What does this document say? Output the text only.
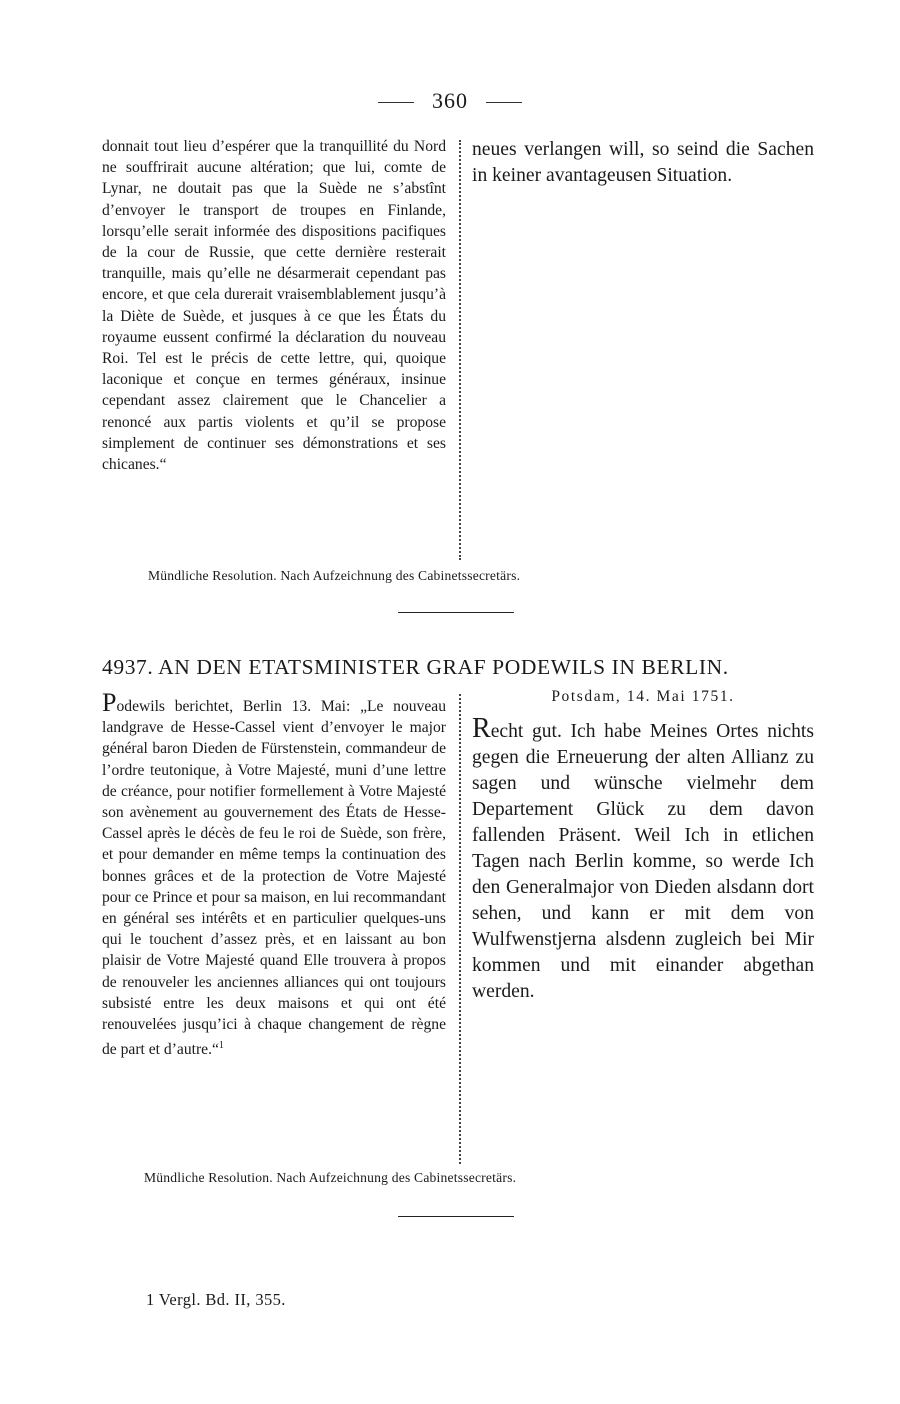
360

donnait tout lieu d’espérer que la tranquillité du Nord ne souffrirait aucune altération; que lui, comte de Lynar, ne doutait pas que la Suède ne s’abstînt d’envoyer le transport de troupes en Finlande, lorsqu’elle serait informée des dispositions pacifiques de la cour de Russie, que cette dernière resterait tranquille, mais qu’elle ne désarmerait cependant pas encore, et que cela durerait vraisemblablement jusqu’à la Diète de Suède, et jusques à ce que les États du royaume eussent confirmé la déclaration du nouveau Roi. Tel est le précis de cette lettre, qui, quoique laconique et conçue en termes généraux, insinue cependant assez clairement que le Chancelier a renoncé aux partis violents et qu’il se propose simplement de continuer ses démonstrations et ses chicanes.“

neues verlangen will, so seind die Sachen in keiner avantageusen Situation.

Mündliche Resolution. Nach Aufzeichnung des Cabinetssecretärs.
4937. AN DEN ETATSMINISTER GRAF PODEWILS IN BERLIN.

Podewils berichtet, Berlin 13. Mai: „Le nouveau landgrave de Hesse-Cassel vient d’envoyer le major général baron Dieden de Fürstenstein, commandeur de l’ordre teutonique, à Votre Majesté, muni d’une lettre de créance, pour notifier formellement à Votre Majesté son avènement au gouvernement des États de Hesse-Cassel après le décès de feu le roi de Suède, son frère, et pour demander en même temps la continuation des bonnes grâces et de la protection de Votre Majesté pour ce Prince et pour sa maison, en lui recommandant en général ses intérêts et en particulier quelques-uns qui le touchent d’assez près, et en laissant au bon plaisir de Votre Majesté quand Elle trouvera à propos de renouveler les anciennes alliances qui ont toujours subsisté entre les deux maisons et qui ont été renouvelées jusqu’ici à chaque changement de règne de part et d’autre.“$^1$

Potsdam, 14. Mai 1751.

Recht gut. Ich habe Meines Ortes nichts gegen die Erneuerung der alten Allianz zu sagen und wünsche vielmehr dem Departement Glück zu dem davon fallenden Präsent. Weil Ich in etlichen Tagen nach Berlin komme, so werde Ich den Generalmajor von Dieden alsdann dort sehen, und kann er mit dem von Wulfwenstjerna alsdenn zugleich bei Mir kommen und mit einander abgethan werden.

Mündliche Resolution. Nach Aufzeichnung des Cabinetssecretärs.
1 Vergl. Bd. II, 355.
